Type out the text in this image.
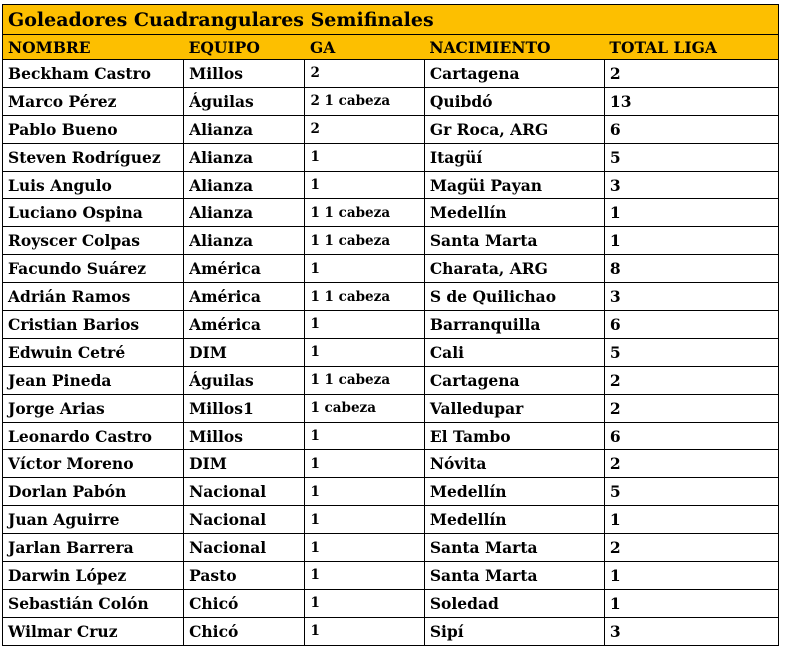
Goleadores Cuadrangulares Semifinales				
NOMBRE	EQUIPO	GA	NACIMIENTO	TOTAL LIGA
Beckham Castro	Millos	2	Cartagena	2
Marco Pérez	Águilas	2 1 cabeza	Quibdó	13
Pablo Bueno	Alianza	2	Gr Roca, ARG	6
Steven Rodríguez	Alianza	1	Itagüí	5
Luis Angulo	Alianza	1	Magüi Payan	3
Luciano Ospina	Alianza	1 1 cabeza	Medellín	1
Royscer Colpas	Alianza	1 1 cabeza	Santa Marta	1
Facundo Suárez	América	1	Charata, ARG	8
Adrián Ramos	América	1 1 cabeza	S de Quilichao	3
Cristian Barios	América	1	Barranquilla	6
Edwuin Cetré	DIM	1	Cali	5
Jean Pineda	Águilas	1 1 cabeza	Cartagena	2
Jorge Arias	Millos1	1 cabeza	Valledupar	2
Leonardo Castro	Millos	1	El Tambo	6
Víctor Moreno	DIM	1	Nóvita	2
Dorlan Pabón	Nacional	1	Medellín	5
Juan Aguirre	Nacional	1	Medellín	1
Jarlan Barrera	Nacional	1	Santa Marta	2
Darwin López	Pasto	1	Santa Marta	1
Sebastián Colón	Chicó	1	Soledad	1
Wilmar Cruz	Chicó	1	Sipí	3
